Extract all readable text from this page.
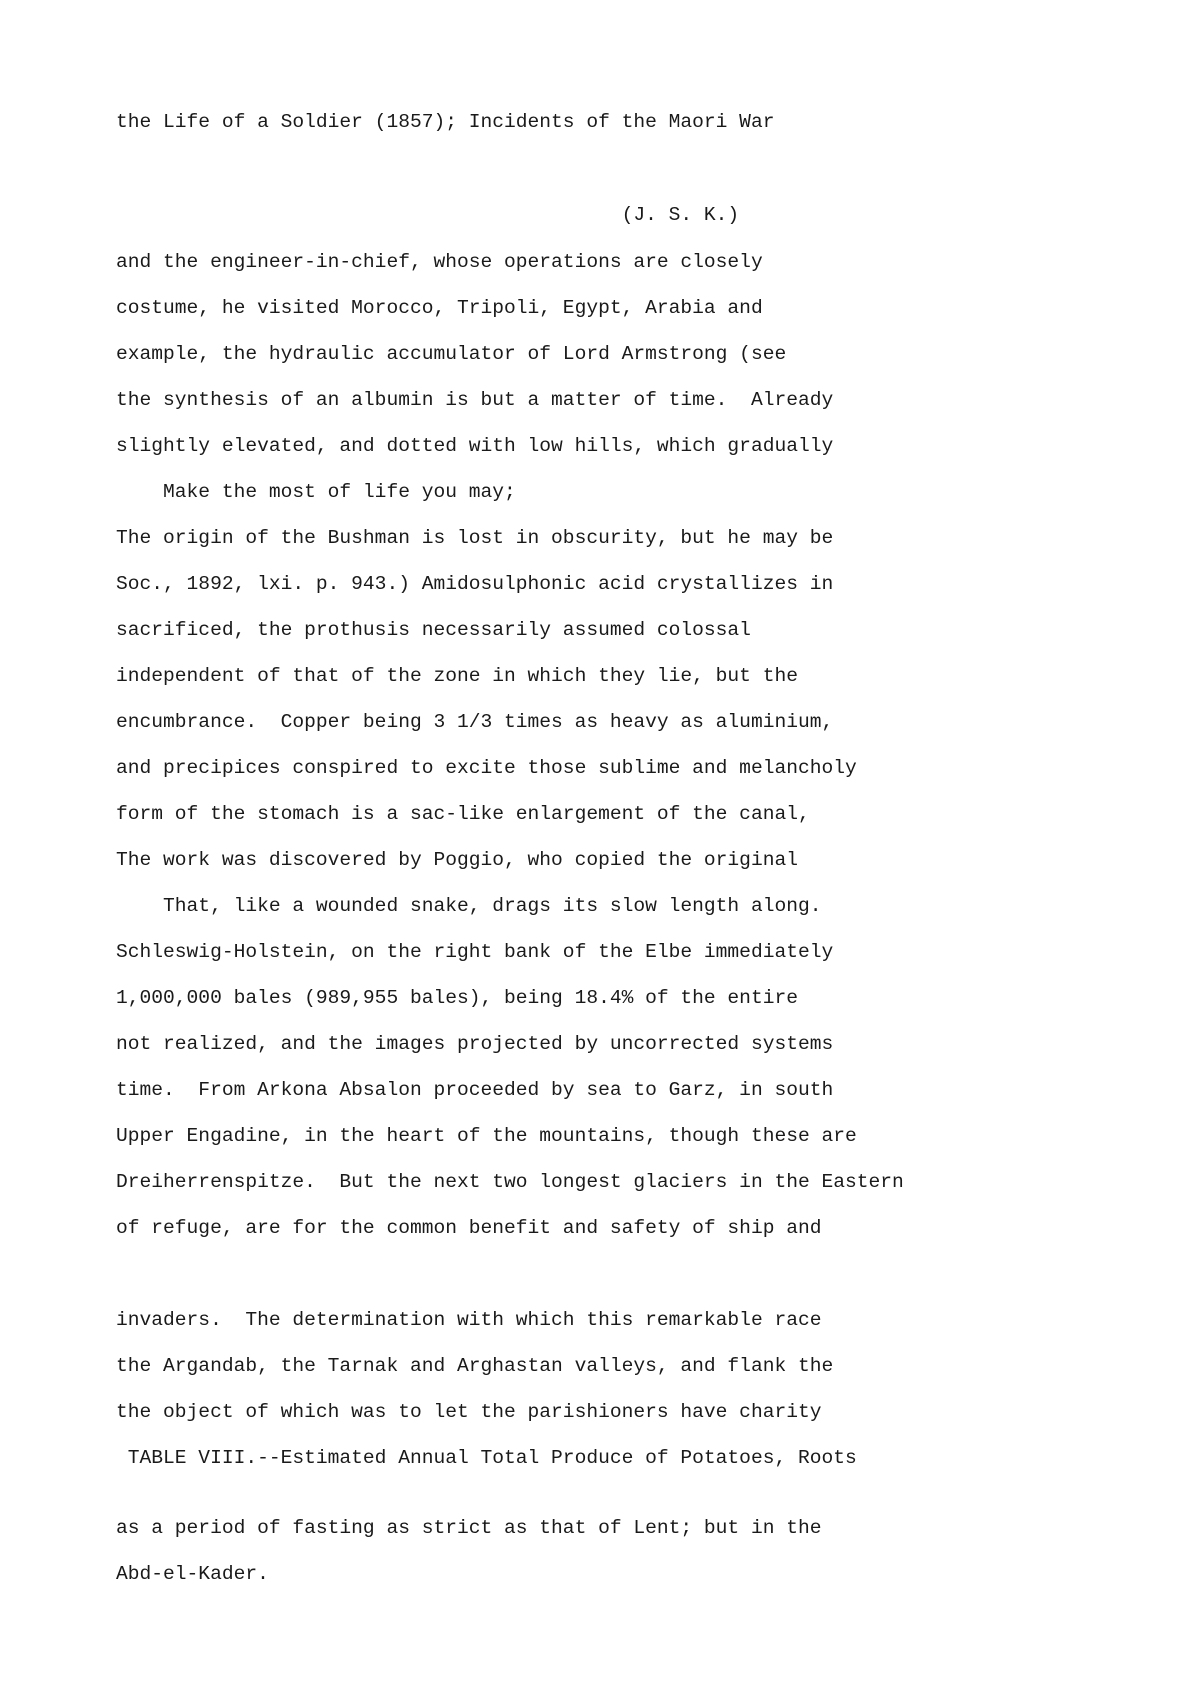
the Life of a Soldier (1857); Incidents of the Maori War
(J. S. K.)
and the engineer-in-chief, whose operations are closely
costume, he visited Morocco, Tripoli, Egypt, Arabia and
example, the hydraulic accumulator of Lord Armstrong (see
the synthesis of an albumin is but a matter of time.  Already
slightly elevated, and dotted with low hills, which gradually
Make the most of life you may;
The origin of the Bushman is lost in obscurity, but he may be
Soc., 1892, lxi. p. 943.) Amidosulphonic acid crystallizes in
sacrificed, the prothusis necessarily assumed colossal
independent of that of the zone in which they lie, but the
encumbrance.  Copper being 3 1/3 times as heavy as aluminium,
and precipices conspired to excite those sublime and melancholy
form of the stomach is a sac-like enlargement of the canal,
The work was discovered by Poggio, who copied the original
That, like a wounded snake, drags its slow length along.
Schleswig-Holstein, on the right bank of the Elbe immediately
1,000,000 bales (989,955 bales), being 18.4% of the entire
not realized, and the images projected by uncorrected systems
time.  From Arkona Absalon proceeded by sea to Garz, in south
Upper Engadine, in the heart of the mountains, though these are
Dreiherrenspitze.  But the next two longest glaciers in the Eastern
of refuge, are for the common benefit and safety of ship and
invaders.  The determination with which this remarkable race
the Argandab, the Tarnak and Arghastan valleys, and flank the
the object of which was to let the parishioners have charity
TABLE VIII.--Estimated Annual Total Produce of Potatoes, Roots
as a period of fasting as strict as that of Lent; but in the
Abd-el-Kader.
